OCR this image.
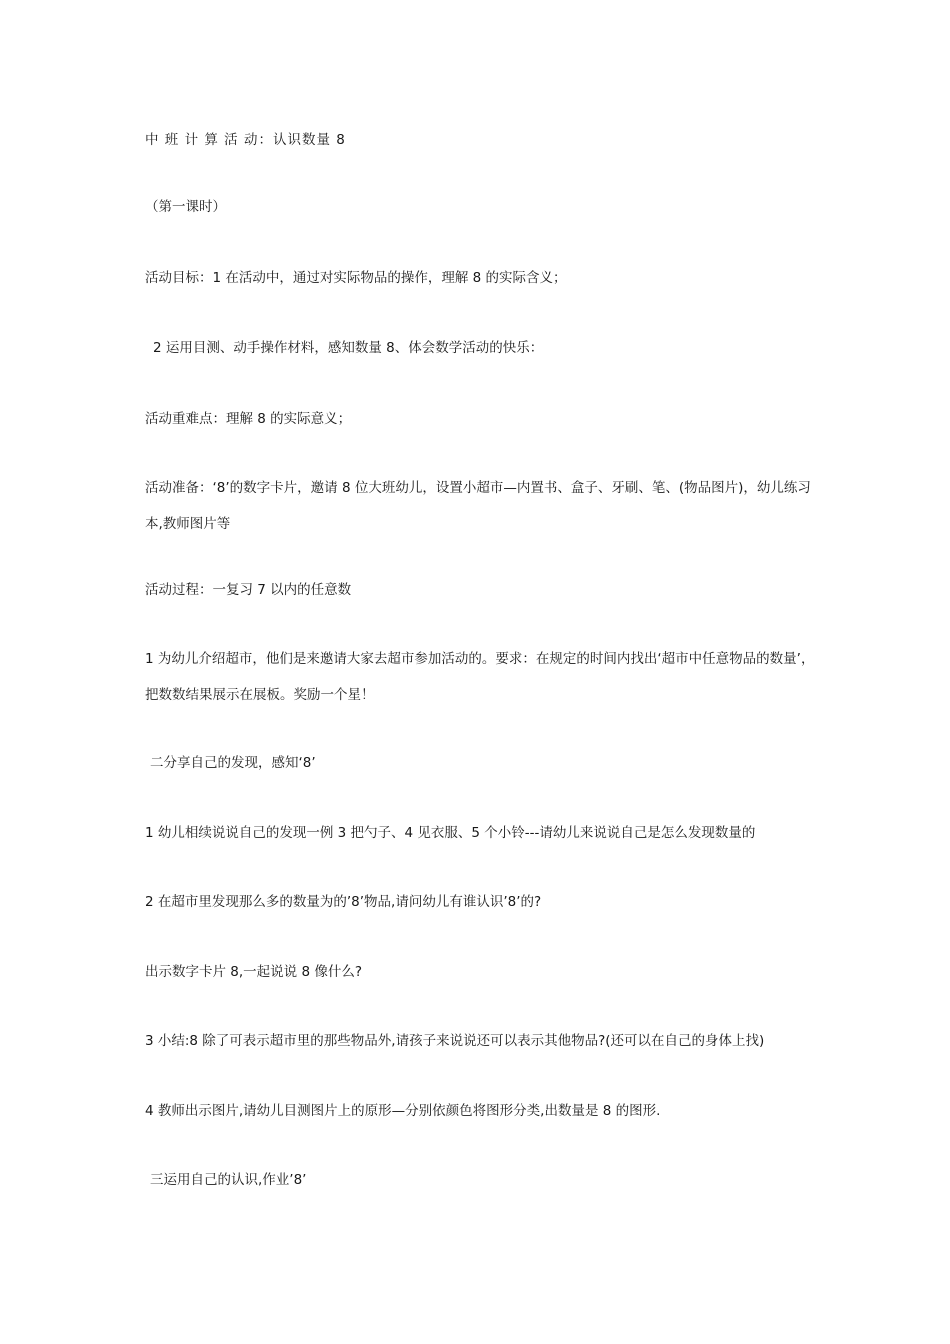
中 班 计 算 活 动：认识数量 8
（第一课时）
活动目标：1 在活动中，通过对实际物品的操作，理解 8 的实际含义；
2 运用目测、动手操作材料，感知数量 8、体会数学活动的快乐：
活动重难点：理解 8 的实际意义；
活动准备：‘8’的数字卡片，邀请 8 位大班幼儿，设置小超市—内置书、盒子、牙刷、笔、(物品图片)，幼儿练习本,教师图片等
活动过程：一复习 7 以内的任意数
1 为幼儿介绍超市，他们是来邀请大家去超市参加活动的。要求：在规定的时间内找出‘超市中任意物品的数量’，把数数结果展示在展板。奖励一个星！
二分享自己的发现，感知‘8’
1 幼儿相续说说自己的发现一例 3 把勺子、4 见衣服、5 个小铃---请幼儿来说说自己是怎么发现数量的
2 在超市里发现那么多的数量为的’8’物品,请问幼儿有谁认识’8’的?
出示数字卡片 8,一起说说 8 像什么?
3 小结:8 除了可表示超市里的那些物品外,请孩子来说说还可以表示其他物品?(还可以在自己的身体上找)
4 教师出示图片,请幼儿目测图片上的原形—分别依颜色将图形分类,出数量是 8 的图形.
三运用自己的认识,作业’8’
